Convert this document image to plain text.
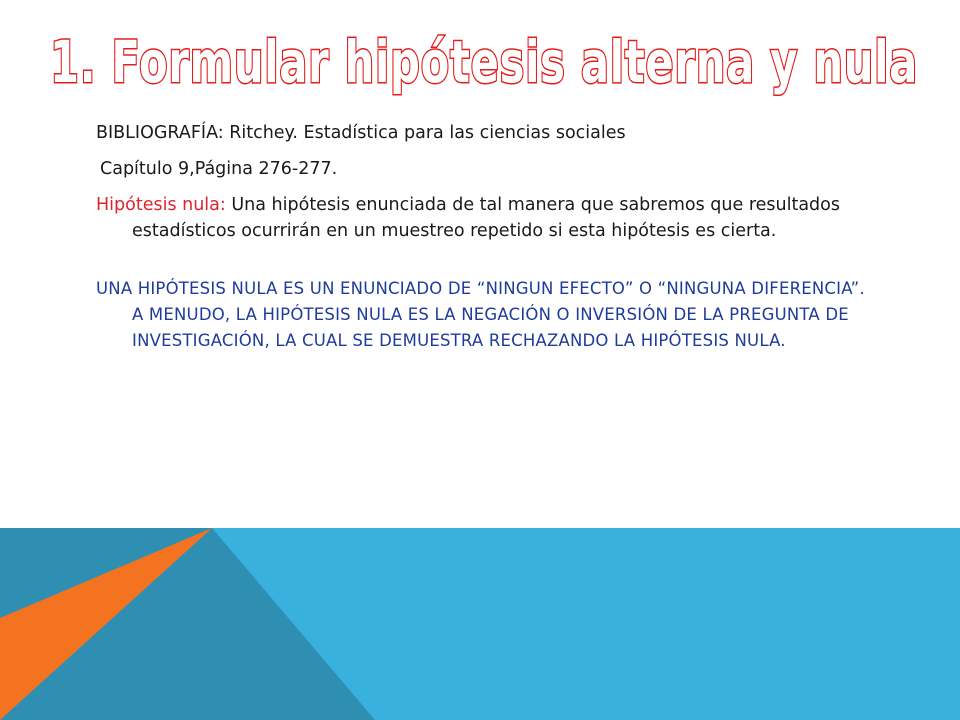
1. Formular hipótesis alterna y nula

BIBLIOGRAFÍA: Ritchey. Estadística para las ciencias sociales

Capítulo 9,Página 276-277.

Hipótesis nula: Una hipótesis enunciada de tal manera que sabremos que resultados estadísticos ocurrirán en un muestreo repetido si esta hipótesis es cierta.

UNA HIPÓTESIS NULA ES UN ENUNCIADO DE “NINGUN EFECTO” O “NINGUNA DIFERENCIA”. A MENUDO, LA HIPÓTESIS NULA ES LA NEGACIÓN O INVERSIÓN DE LA PREGUNTA DE INVESTIGACIÓN, LA CUAL SE DEMUESTRA RECHAZANDO LA HIPÓTESIS NULA.
